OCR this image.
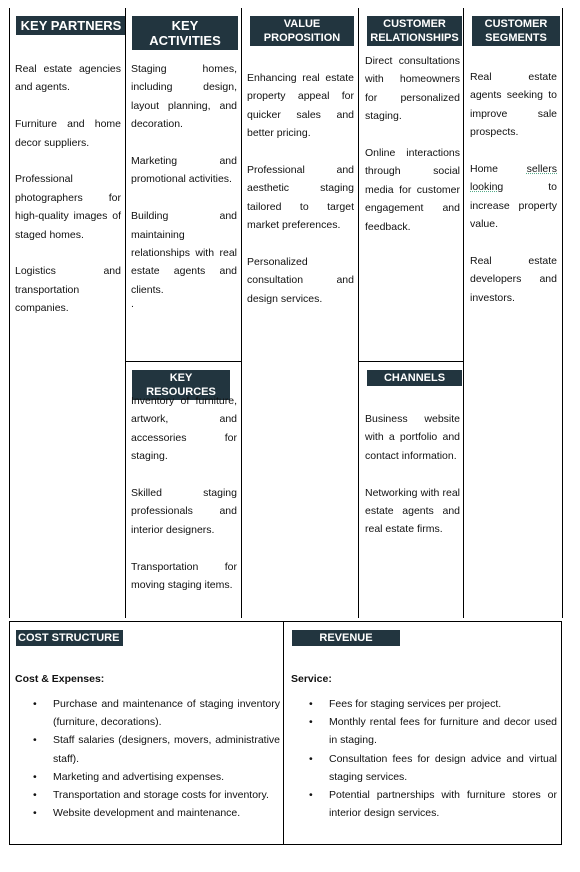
KEY PARTNERS

Real estate agencies and agents.

Furniture and home decor suppliers.

Professional photographers for high-quality images of staged homes.

Logistics and transportation companies.

KEY ACTIVITIES

Staging homes, including design, layout planning, and decoration.

Marketing and promotional activities.

Building and maintaining relationships with real estate agents and clients.

.
KEY RESOURCES

Inventory of furniture, artwork, and accessories for staging.

Skilled staging professionals and interior designers.

Transportation for moving staging items.

VALUE
PROPOSITION

Enhancing real estate property appeal for quicker sales and better pricing.

Professional and aesthetic staging tailored to target market preferences.

Personalized consultation and design services.

CUSTOMER
RELATIONSHIPS

Direct consultations with homeowners for personalized staging.

Online interactions through social media for customer engagement and feedback.

CHANNELS

Business website with a portfolio and contact information.

Networking with real estate agents and real estate firms.

CUSTOMER
SEGMENTS

Real estate agents seeking to improve sale prospects.

Home	sellers
looking	to
increase property value.

Real estate developers and investors.

COST STRUCTURE
Cost & Expenses:
• Purchase and maintenance of staging inventory (furniture, decorations).
• Staff salaries (designers, movers, administrative staff).
• Marketing and advertising expenses.
• Transportation and storage costs for inventory.
• Website development and maintenance.
REVENUE
Service:
• Fees for staging services per project.
• Monthly rental fees for furniture and decor used in staging.
• Consultation fees for design advice and virtual staging services.
• Potential partnerships with furniture stores or interior design services.
